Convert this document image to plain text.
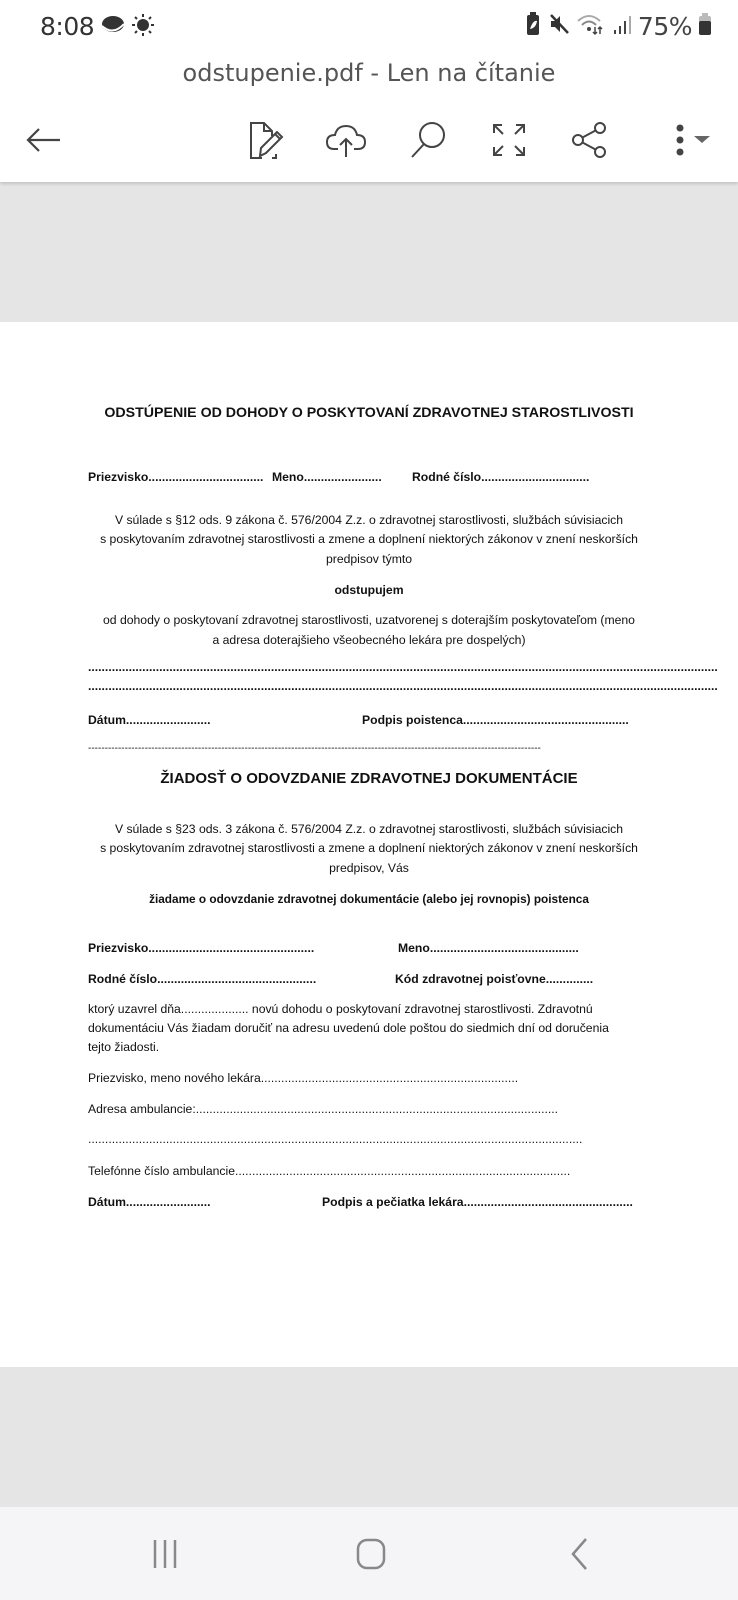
8:08	75%
odstupenie.pdf - Len na čítanie
ODSTÚPENIE OD DOHODY O POSKYTOVANÍ ZDRAVOTNEJ STAROSTLIVOSTI
Priezvisko.................................. Meno....................... Rodné číslo................................
V súlade s §12 ods. 9 zákona č. 576/2004 Z.z. o zdravotnej starostlivosti, službách súvisiacich
s poskytovaním zdravotnej starostlivosti a zmene a doplnení niektorých zákonov v znení neskorších
predpisov týmto
odstupujem
od dohody o poskytovaní zdravotnej starostlivosti, uzatvorenej s doterajším poskytovateľom (meno
a adresa doterajšieho všeobecného lekára pre dospelých)
..........................................................................................................................................................................................
..........................................................................................................................................................................................
Dátum.........................	Podpis poistenca.................................................
----------------------------------------------------------------------------------------------------------------------------------------
ŽIADOSŤ O ODOVZDANIE ZDRAVOTNEJ DOKUMENTÁCIE
V súlade s §23 ods. 3 zákona č. 576/2004 Z.z. o zdravotnej starostlivosti, službách súvisiacich
s poskytovaním zdravotnej starostlivosti a zmene a doplnení niektorých zákonov v znení neskorších
predpisov, Vás
žiadame o odovzdanie zdravotnej dokumentácie (alebo jej rovnopis) poistenca
Priezvisko.................................................	Meno............................................
Rodné číslo...............................................	Kód zdravotnej poisťovne..............
ktorý uzavrel dňa.................... novú dohodu o poskytovaní zdravotnej starostlivosti. Zdravotnú
dokumentáciu Vás žiadam doručiť na adresu uvedenú dole poštou do siedmich dní od doručenia
tejto žiadosti.
Priezvisko, meno nového lekára............................................................................
Adresa ambulancie:...........................................................................................................
..................................................................................................................................................
Telefónne číslo ambulancie...................................................................................................
Dátum.........................	Podpis a pečiatka lekára..................................................
